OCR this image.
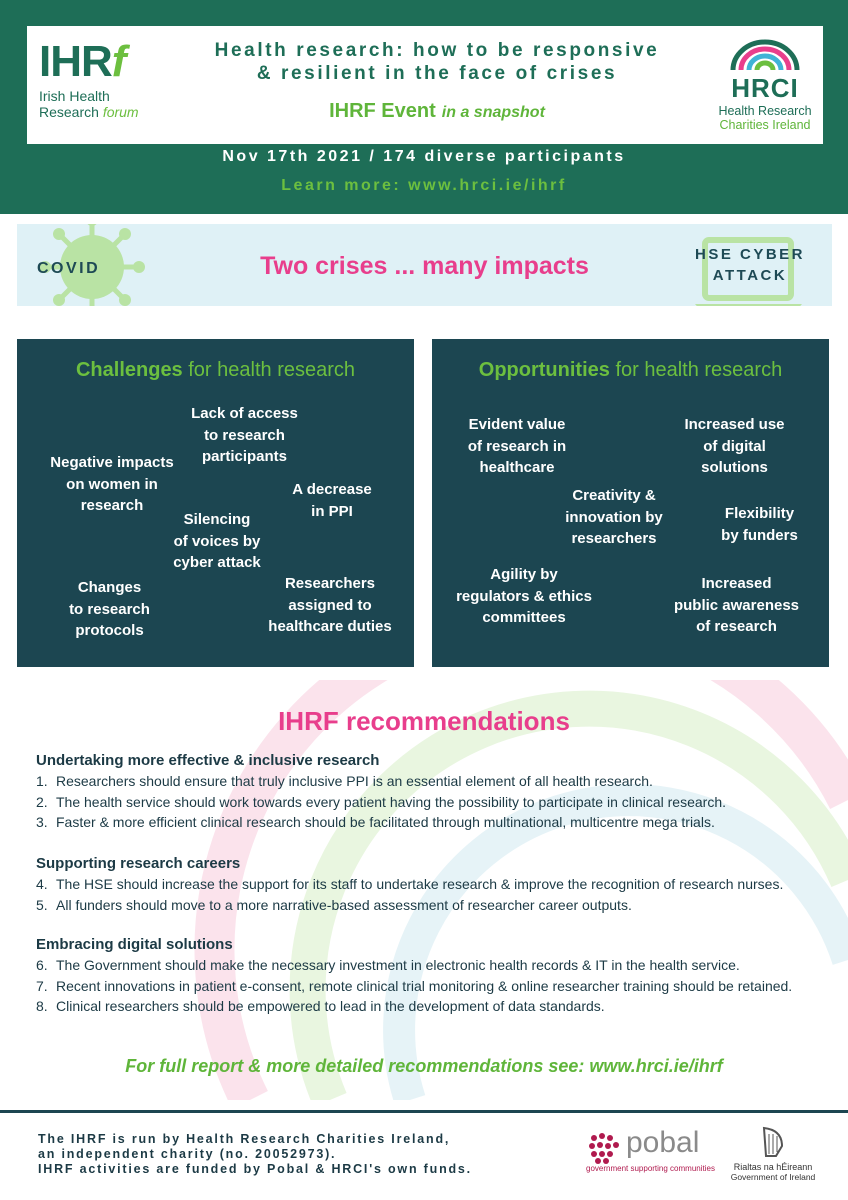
IHRf
Irish Health
Research forum
Health research: how to be responsive
& resilient in the face of crises
IHRF Event in a snapshot
HRCI
Health Research
Charities Ireland
Nov 17th 2021 / 174 diverse participants
Learn more: www.hrci.ie/ihrf
COVID	Two crises ... many impacts	HSE CYBER
ATTACK
Challenges for health research
Lack of access
to research
participants
Negative impacts
on women in
research
A decrease
in PPI
Silencing
of voices by
cyber attack
Changes
to research
protocols
Researchers
assigned to
healthcare duties
Opportunities for health research
Evident value
of research in
healthcare
Increased use
of digital
solutions
Creativity &
innovation by
researchers
Flexibility
by funders
Agility by
regulators & ethics
committees
Increased
public awareness
of research
IHRF recommendations
Undertaking more effective & inclusive research
1. Researchers should ensure that truly inclusive PPI is an essential element of all health research.
2. The health service should work towards every patient having the possibility to participate in clinical research.
3. Faster & more efficient clinical research should be facilitated through multinational, multicentre mega trials.
Supporting research careers
4. The HSE should increase the support for its staff to undertake research & improve the recognition of research nurses.
5. All funders should move to a more narrative-based assessment of researcher career outputs.
Embracing digital solutions
6. The Government should make the necessary investment in electronic health records & IT in the health service.
7. Recent innovations in patient e-consent, remote clinical trial monitoring & online researcher training should be retained.
8. Clinical researchers should be empowered to lead in the development of data standards.
For full report & more detailed recommendations see: www.hrci.ie/ihrf
The IHRF is run by Health Research Charities Ireland,
an independent charity (no. 20052973).
IHRF activities are funded by Pobal & HRCI's own funds.
pobal
government supporting communities	Rialtas na hÉireann
Government of Ireland
